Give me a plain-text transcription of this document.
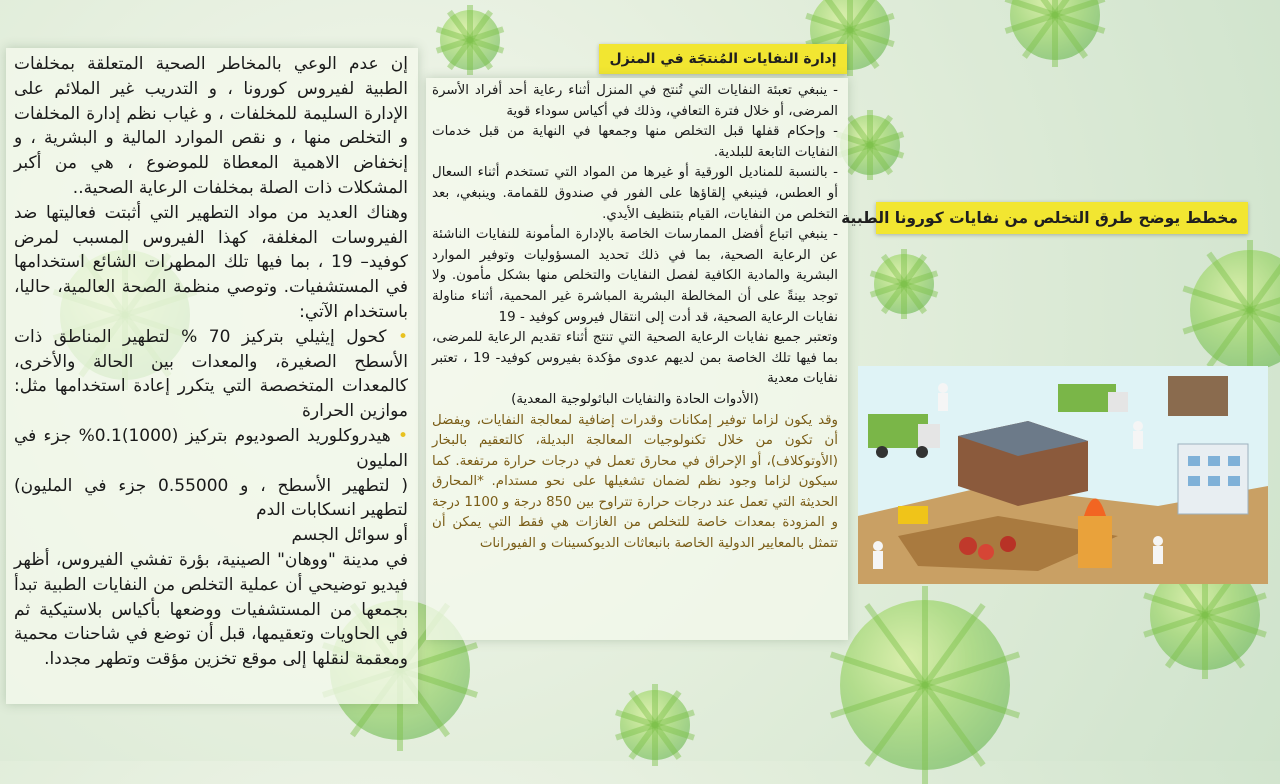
إن عدم الوعي بالمخاطر الصحية المتعلقة بمخلفات الطبية لفيروس كورونا ، و التدريب غير الملائم على الإدارة السليمة للمخلفات ، و غياب نظم إدارة المخلفات و التخلص منها ، و نقص الموارد المالية و البشرية ، و إنخفاض الاهمية المعطاة للموضوع ، هي من أكبر المشكلات ذات الصلة بمخلفات الرعاية الصحية..

وهناك العديد من مواد التطهير التي أثبتت فعاليتها ضد الفيروسات المغلفة، كهذا الفيروس المسبب لمرض كوفيد– 19 ، بما فيها تلك المطهرات الشائع استخدامها في المستشفيات. وتوصي منظمة الصحة العالمية، حاليا، باستخدام الآتي:

• كحول إيثيلي بتركيز 70 % لتطهير المناطق ذات الأسطح الصغيرة، والمعدات بين الحالة والأخرى، كالمعدات المتخصصة التي يتكرر إعادة استخدامها مثل: موازين الحرارة

• هيدروكلوريد الصوديوم بتركيز (1000)0.1% جزء في المليون

( لتطهير الأسطح ، و 0.55000 جزء في المليون) لتطهير انسكابات الدم

أو سوائل الجسم

في مدينة "ووهان" الصينية، بؤرة تفشي الفيروس، أظهر فيديو توضيحي أن عملية التخلص من النفايات الطبية تبدأ بجمعها من المستشفيات ووضعها بأكياس بلاستيكية ثم في الحاويات وتعقيمها، قبل أن توضع في شاحنات محمية ومعقمة لنقلها إلى موقع تخزين مؤقت وتطهر مجددا.

إدارة النفايات المُنتجَة في المنزل

- ينبغي تعبئة النفايات التي تُنتج في المنزل أثناء رعاية أحد أفراد الأسرة المرضى، أو خلال فترة التعافي، وذلك في أكياس سوداء قوية

- وإحكام قفلها قبل التخلص منها وجمعها في النهاية من قبل خدمات النفايات التابعة للبلدية.

- بالنسبة للمناديل الورقية أو غيرها من المواد التي تستخدم أثناء السعال أو العطس، فينبغي إلقاؤها على الفور في صندوق للقمامة. وينبغي، بعد التخلص من النفايات، القيام بتنظيف الأيدي.

- ينبغي اتباع أفضل الممارسات الخاصة بالإدارة المأمونة للنفايات الناشئة عن الرعاية الصحية، بما في ذلك تحديد المسؤوليات وتوفير الموارد البشرية والمادية الكافية لفصل النفايات والتخلص منها بشكل مأمون. ولا توجد بينةً على أن المخالطة البشرية المباشرة غير المحمية، أثناء مناولة نفايات الرعاية الصحية، قد أدت إلى انتقال فيروس كوفيد - 19

وتعتبر جميع نفايات الرعاية الصحية التي تنتج أثناء تقديم الرعاية للمرضى، بما فيها تلك الخاصة بمن لديهم عدوى مؤكدة بفيروس كوفيد- 19 ، تعتبر نفايات معدية

(الأدوات الحادة والنفايات الباثولوجية المعدية)

وقد يكون لزاما توفير إمكانات وقدرات إضافية لمعالجة النفايات، ويفضل أن تكون من خلال تكنولوجيات المعالجة البديلة، كالتعقيم بالبخار (الأوتوكلاف)، أو الإحراق في محارق تعمل في درجات حرارة مرتفعة. كما سيكون لزاما وجود نظم لضمان تشغيلها على نحو مستدام. *المحارق الحديثة التي تعمل عند درجات حرارة تتراوح بين 850 درجة و 1100 درجة و المزودة بمعدات خاصة للتخلص من الغازات هي فقط التي يمكن أن تتمثل بالمعايير الدولية الخاصة بانبعاثات الديوكسينات و الفيورانات

مخطط يوضح طرق التخلص من نفايات كورونا الطبية
